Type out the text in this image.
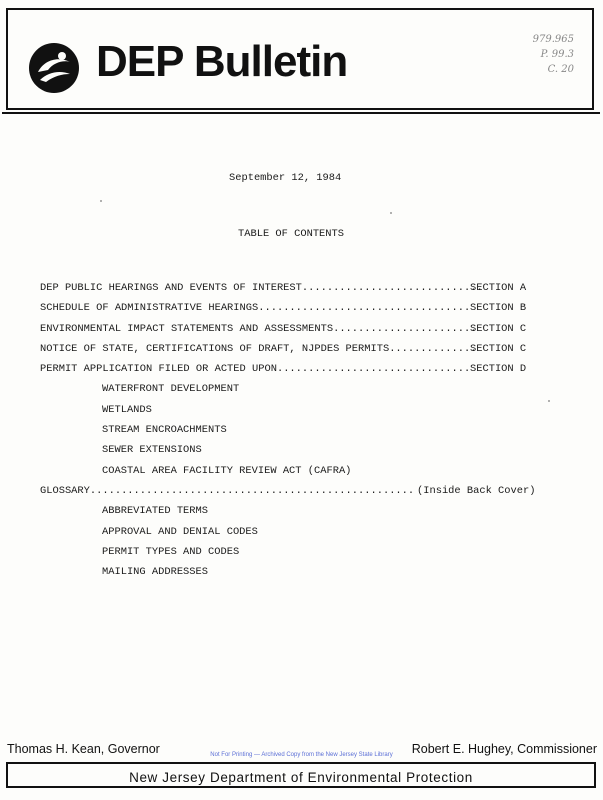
DEP Bulletin	979.965
P. 99.3
C. 20
September 12, 1984
TABLE OF CONTENTS
DEP PUBLIC HEARINGS AND EVENTS OF INTEREST.............................
SECTION A
SCHEDULE OF ADMINISTRATIVE HEARINGS.................................. SECTION B
ENVIRONMENTAL IMPACT STATEMENTS AND ASSESSMENTS.......................
SECTION C
NOTICE OF STATE, CERTIFICATIONS OF DRAFT, NJPDES PERMITS..............
SECTION C
PERMIT APPLICATION FILED OR ACTED UPON............................... SECTION D
WATERFRONT DEVELOPMENT
WETLANDS
STREAM ENCROACHMENTS
SEWER EXTENSIONS
COASTAL AREA FACILITY REVIEW ACT (CAFRA)
GLOSSARY.................................................... (Inside Back Cover)
ABBREVIATED TERMS
APPROVAL AND DENIAL CODES
PERMIT TYPES AND CODES
MAILING ADDRESSES
Thomas H. Kean, Governor	Robert E. Hughey, Commissioner
Not For Printing — Archived Copy from the New Jersey State Library
New Jersey Department of Environmental Protection
